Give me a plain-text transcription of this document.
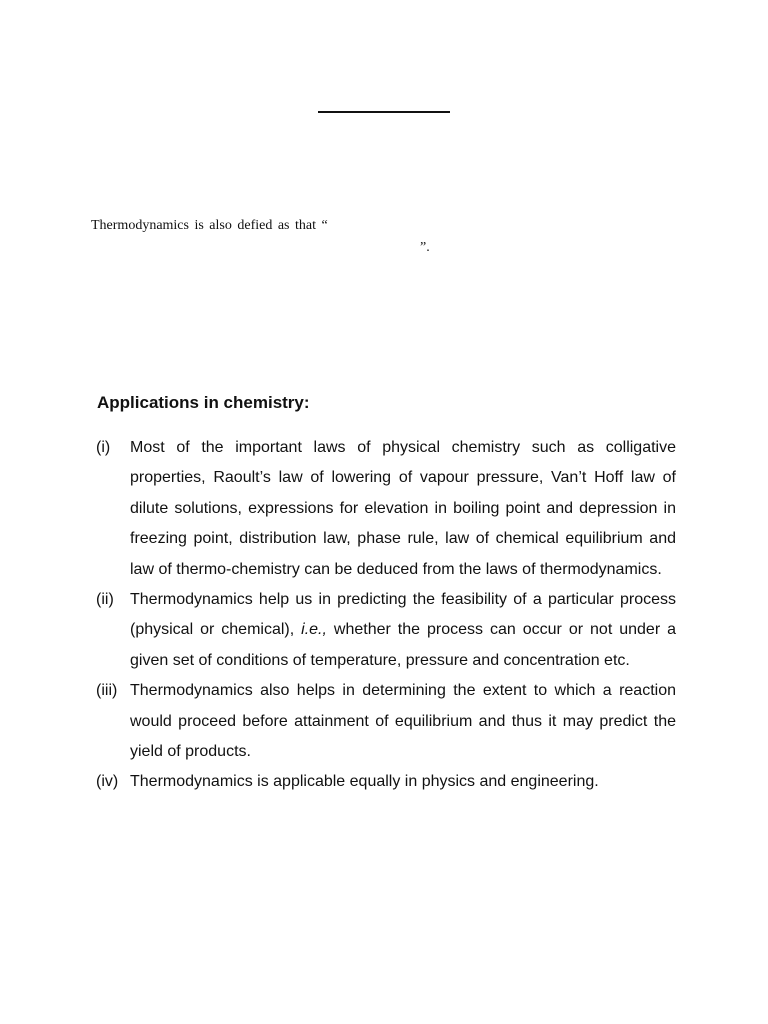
Thermodynamics is also defied as that “
”.
Applications in chemistry:
(i) Most of the important laws of physical chemistry such as colligative properties, Raoult’s law of lowering of vapour pressure, Van’t Hoff law of dilute solutions, expressions for elevation in boiling point and depression in freezing point, distribution law, phase rule, law of chemical equilibrium and law of thermo-chemistry can be deduced from the laws of thermodynamics.
(ii) Thermodynamics help us in predicting the feasibility of a particular process (physical or chemical), i.e., whether the process can occur or not under a given set of conditions of temperature, pressure and concentration etc.
(iii) Thermodynamics also helps in determining the extent to which a reaction would proceed before attainment of equilibrium and thus it may predict the yield of products.
(iv) Thermodynamics is applicable equally in physics and engineering.
